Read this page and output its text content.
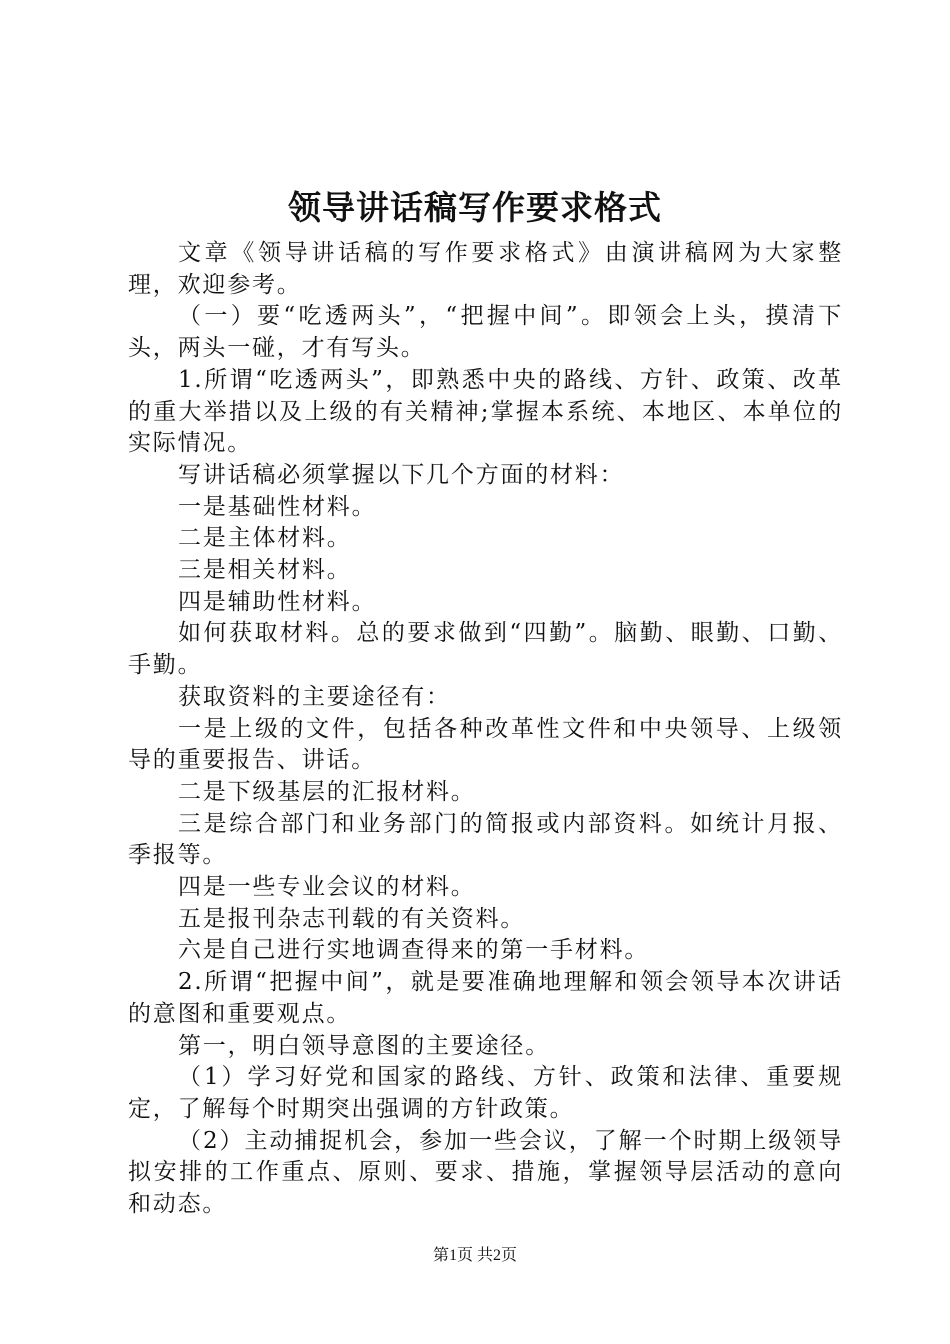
领导讲话稿写作要求格式

文章《领导讲话稿的写作要求格式》由演讲稿网为大家整理，欢迎参考。

（一）要“吃透两头”，“把握中间”。即领会上头，摸清下头，两头一碰，才有写头。

1.所谓“吃透两头”，即熟悉中央的路线、方针、政策、改革的重大举措以及上级的有关精神;掌握本系统、本地区、本单位的实际情况。

写讲话稿必须掌握以下几个方面的材料：

一是基础性材料。

二是主体材料。

三是相关材料。

四是辅助性材料。

如何获取材料。总的要求做到“四勤”。脑勤、眼勤、口勤、手勤。

获取资料的主要途径有：

一是上级的文件，包括各种改革性文件和中央领导、上级领导的重要报告、讲话。

二是下级基层的汇报材料。

三是综合部门和业务部门的简报或内部资料。如统计月报、季报等。

四是一些专业会议的材料。

五是报刊杂志刊载的有关资料。

六是自己进行实地调查得来的第一手材料。

2.所谓“把握中间”，就是要准确地理解和领会领导本次讲话的意图和重要观点。

第一，明白领导意图的主要途径。

（1）学习好党和国家的路线、方针、政策和法律、重要规定，了解每个时期突出强调的方针政策。

（2）主动捕捉机会，参加一些会议，了解一个时期上级领导拟安排的工作重点、原则、要求、措施，掌握领导层活动的意向和动态。

第1页 共2页
